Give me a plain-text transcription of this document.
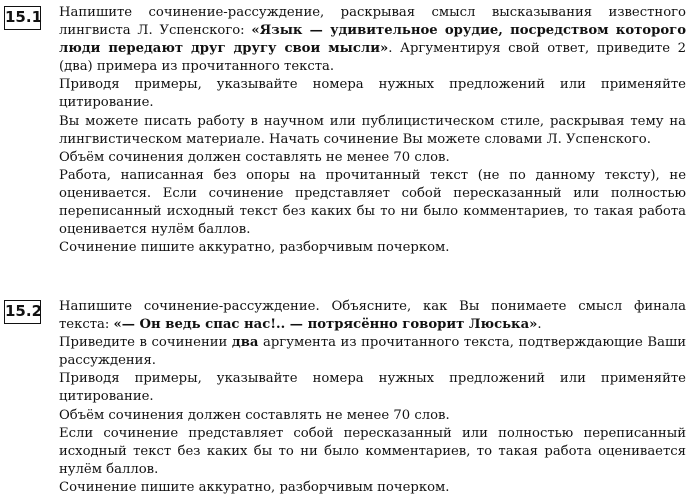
15.1 Напишите сочинение-рассуждение, раскрывая смысл высказывания известного лингвиста Л. Успенского: «Язык — удивительное орудие, посредством которого люди передают друг другу свои мысли». Аргументируя свой ответ, приведите 2 (два) примера из прочитанного текста.

Приводя примеры, указывайте номера нужных предложений или применяйте цитирование.

Вы можете писать работу в научном или публицистическом стиле, раскрывая тему на лингвистическом материале. Начать сочинение Вы можете словами Л. Успенского.

Объём сочинения должен составлять не менее 70 слов.

Работа, написанная без опоры на прочитанный текст (не по данному тексту), не оценивается. Если сочинение представляет собой пересказанный или полностью переписанный исходный текст без каких бы то ни было комментариев, то такая работа оценивается нулём баллов.

Сочинение пишите аккуратно, разборчивым почерком.

15.2 Напишите сочинение-рассуждение. Объясните, как Вы понимаете смысл финала текста: «— Он ведь спас нас!.. — потрясённо говорит Люська».

Приведите в сочинении два аргумента из прочитанного текста, подтверждающие Ваши рассуждения.

Приводя примеры, указывайте номера нужных предложений или применяйте цитирование.

Объём сочинения должен составлять не менее 70 слов.

Если сочинение представляет собой пересказанный или полностью переписанный исходный текст без каких бы то ни было комментариев, то такая работа оценивается нулём баллов.

Сочинение пишите аккуратно, разборчивым почерком.
